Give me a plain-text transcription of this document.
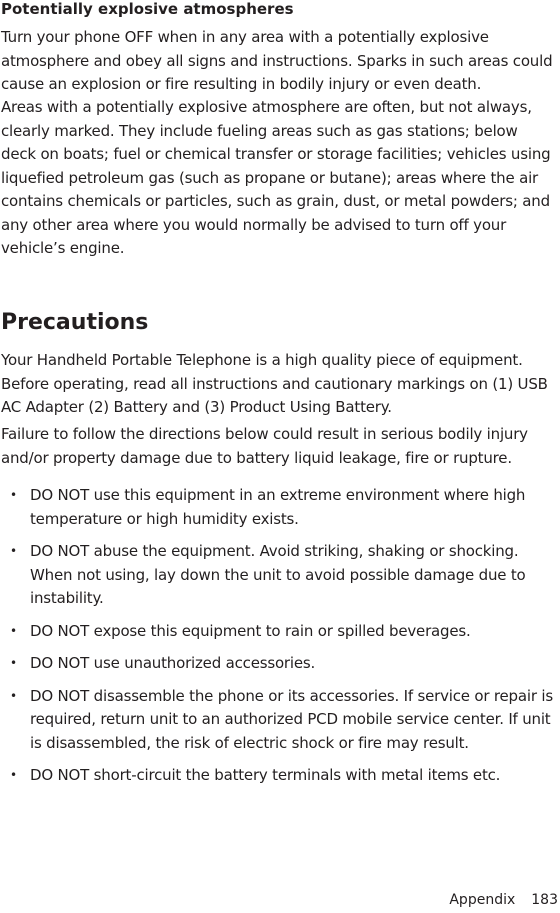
Potentially explosive atmospheres

Turn your phone OFF when in any area with a potentially explosive atmosphere and obey all signs and instructions. Sparks in such areas could cause an explosion or fire resulting in bodily injury or even death.

Areas with a potentially explosive atmosphere are often, but not always, clearly marked. They include fueling areas such as gas stations; below deck on boats; fuel or chemical transfer or storage facilities; vehicles using liquefied petroleum gas (such as propane or butane); areas where the air contains chemicals or particles, such as grain, dust, or metal powders; and any other area where you would normally be advised to turn off your vehicle’s engine.

Precautions

Your Handheld Portable Telephone is a high quality piece of equipment. Before operating, read all instructions and cautionary markings on (1) USB AC Adapter (2) Battery and (3) Product Using Battery.

Failure to follow the directions below could result in serious bodily injury and/or property damage due to battery liquid leakage, fire or rupture.

• DO NOT use this equipment in an extreme environment where high temperature or high humidity exists.
• DO NOT abuse the equipment. Avoid striking, shaking or shocking. When not using, lay down the unit to avoid possible damage due to instability.
• DO NOT expose this equipment to rain or spilled beverages.
• DO NOT use unauthorized accessories.
• DO NOT disassemble the phone or its accessories. If service or repair is required, return unit to an authorized PCD mobile service center. If unit is disassembled, the risk of electric shock or fire may result.
• DO NOT short-circuit the battery terminals with metal items etc.
Appendix 183
